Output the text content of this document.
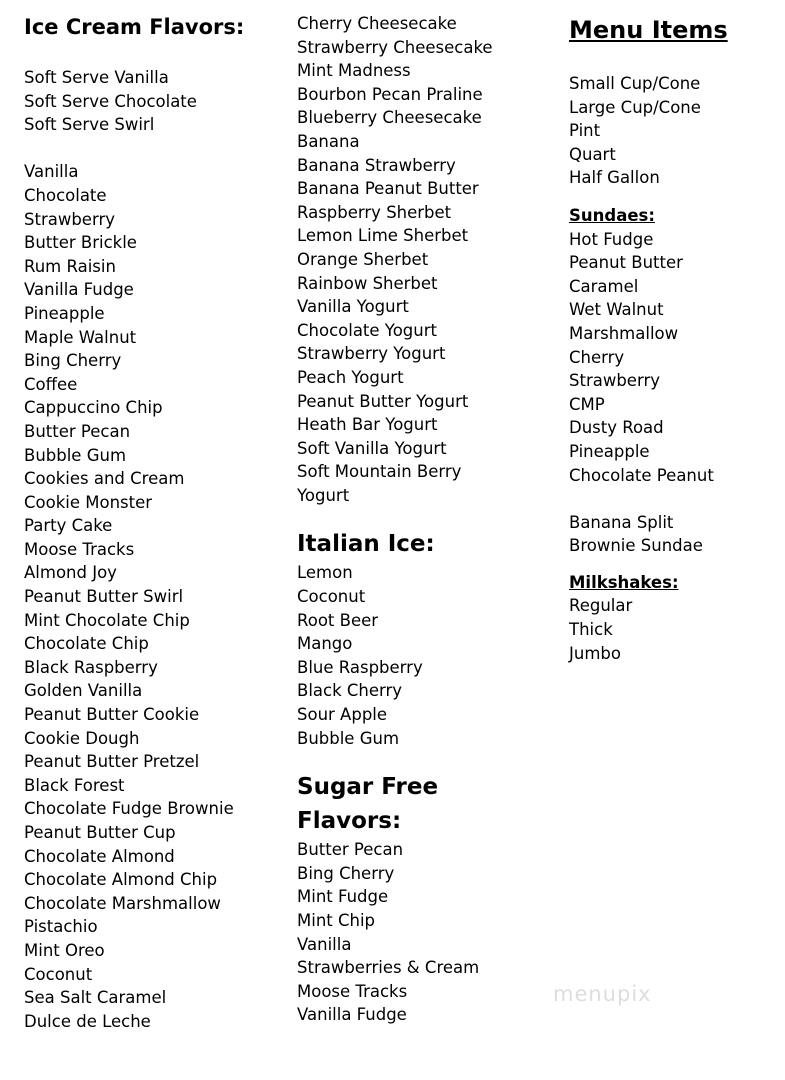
Ice Cream Flavors:
Soft Serve Vanilla
Soft Serve Chocolate
Soft Serve Swirl
Vanilla
Chocolate
Strawberry
Butter Brickle
Rum Raisin
Vanilla Fudge
Pineapple
Maple Walnut
Bing Cherry
Coffee
Cappuccino Chip
Butter Pecan
Bubble Gum
Cookies and Cream
Cookie Monster
Party Cake
Moose Tracks
Almond Joy
Peanut Butter Swirl
Mint Chocolate Chip
Chocolate Chip
Black Raspberry
Golden Vanilla
Peanut Butter Cookie
Cookie Dough
Peanut Butter Pretzel
Black Forest
Chocolate Fudge Brownie
Peanut Butter Cup
Chocolate Almond
Chocolate Almond Chip
Chocolate Marshmallow
Pistachio
Mint Oreo
Coconut
Sea Salt Caramel
Dulce de Leche
Cherry Cheesecake
Strawberry Cheesecake
Mint Madness
Bourbon Pecan Praline
Blueberry Cheesecake
Banana
Banana Strawberry
Banana Peanut Butter
Raspberry Sherbet
Lemon Lime Sherbet
Orange Sherbet
Rainbow Sherbet
Vanilla Yogurt
Chocolate Yogurt
Strawberry Yogurt
Peach Yogurt
Peanut Butter Yogurt
Heath Bar Yogurt
Soft Vanilla Yogurt
Soft Mountain Berry
Yogurt
Italian Ice:
Lemon
Coconut
Root Beer
Mango
Blue Raspberry
Black Cherry
Sour Apple
Bubble Gum
Sugar Free
Flavors:
Butter Pecan
Bing Cherry
Mint Fudge
Mint Chip
Vanilla
Strawberries & Cream
Moose Tracks
Vanilla Fudge
Menu Items
Small Cup/Cone
Large Cup/Cone
Pint
Quart
Half Gallon
Sundaes:
Hot Fudge
Peanut Butter
Caramel
Wet Walnut
Marshmallow
Cherry
Strawberry
CMP
Dusty Road
Pineapple
Chocolate Peanut
Banana Split
Brownie Sundae
Milkshakes:
Regular
Thick
Jumbo
menupix
